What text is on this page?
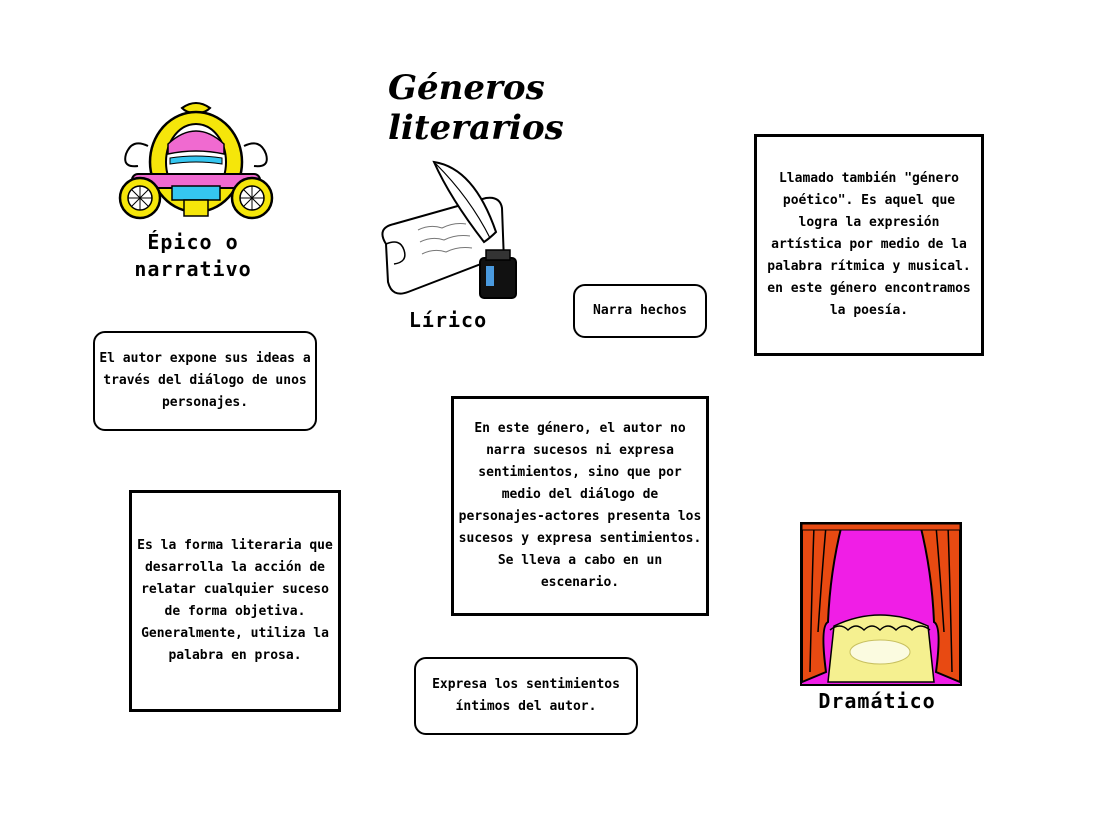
Géneros literarios
Épico o narrativo
Lírico
Dramático
El autor expone sus ideas a través del diálogo de unos personajes.
Narra hechos
Llamado también "género poético". Es aquel que logra la expresión artística por medio de la palabra rítmica y musical. en este género encontramos la poesía.
Es la forma literaria que desarrolla la acción de relatar cualquier suceso de forma objetiva. Generalmente, utiliza la palabra en prosa.
En este género, el autor no narra sucesos ni expresa sentimientos, sino que por medio del diálogo de personajes-actores presenta los sucesos y expresa sentimientos. Se lleva a cabo en un escenario.
Expresa los sentimientos íntimos del autor.
